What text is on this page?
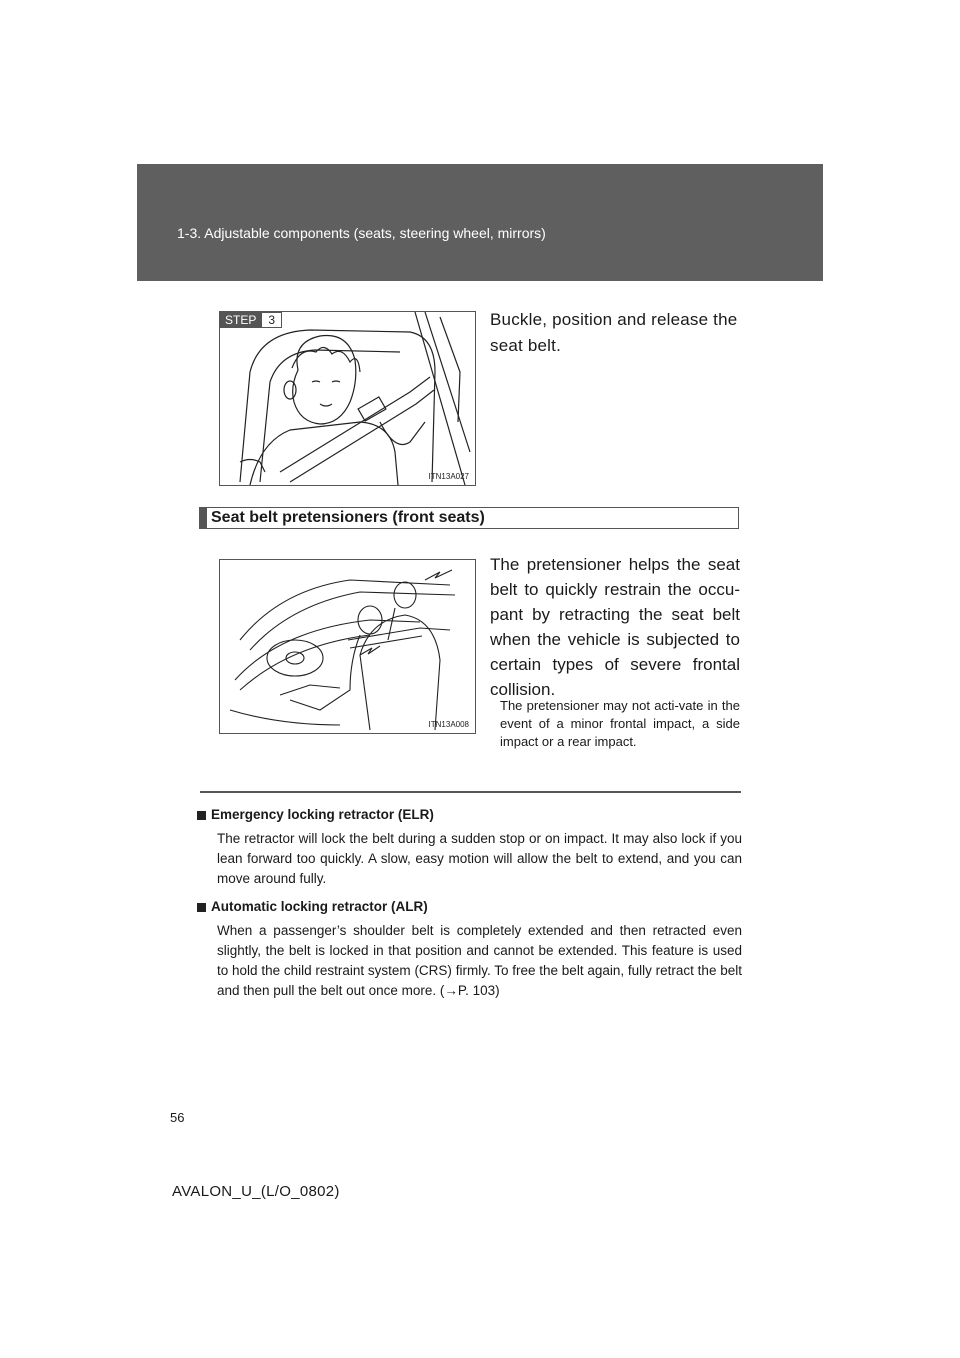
1-3. Adjustable components (seats, steering wheel, mirrors)
STEP	3
ITN13A027
Buckle, position and release the seat belt.
Seat belt pretensioners (front seats)
ITN13A008
The pretensioner helps the seat belt to quickly restrain the occu-pant by retracting the seat belt when the vehicle is subjected to certain types of severe frontal collision.
The pretensioner may not acti-vate in the event of a minor frontal impact, a side impact or a rear impact.
Emergency locking retractor (ELR)
The retractor will lock the belt during a sudden stop or on impact. It may also lock if you lean forward too quickly. A slow, easy motion will allow the belt to extend, and you can move around fully.
Automatic locking retractor (ALR)
When a passenger’s shoulder belt is completely extended and then retracted even slightly, the belt is locked in that position and cannot be extended. This feature is used to hold the child restraint system (CRS) firmly. To free the belt again, fully retract the belt and then pull the belt out once more. (→P. 103)
56
AVALON_U_(L/O_0802)
